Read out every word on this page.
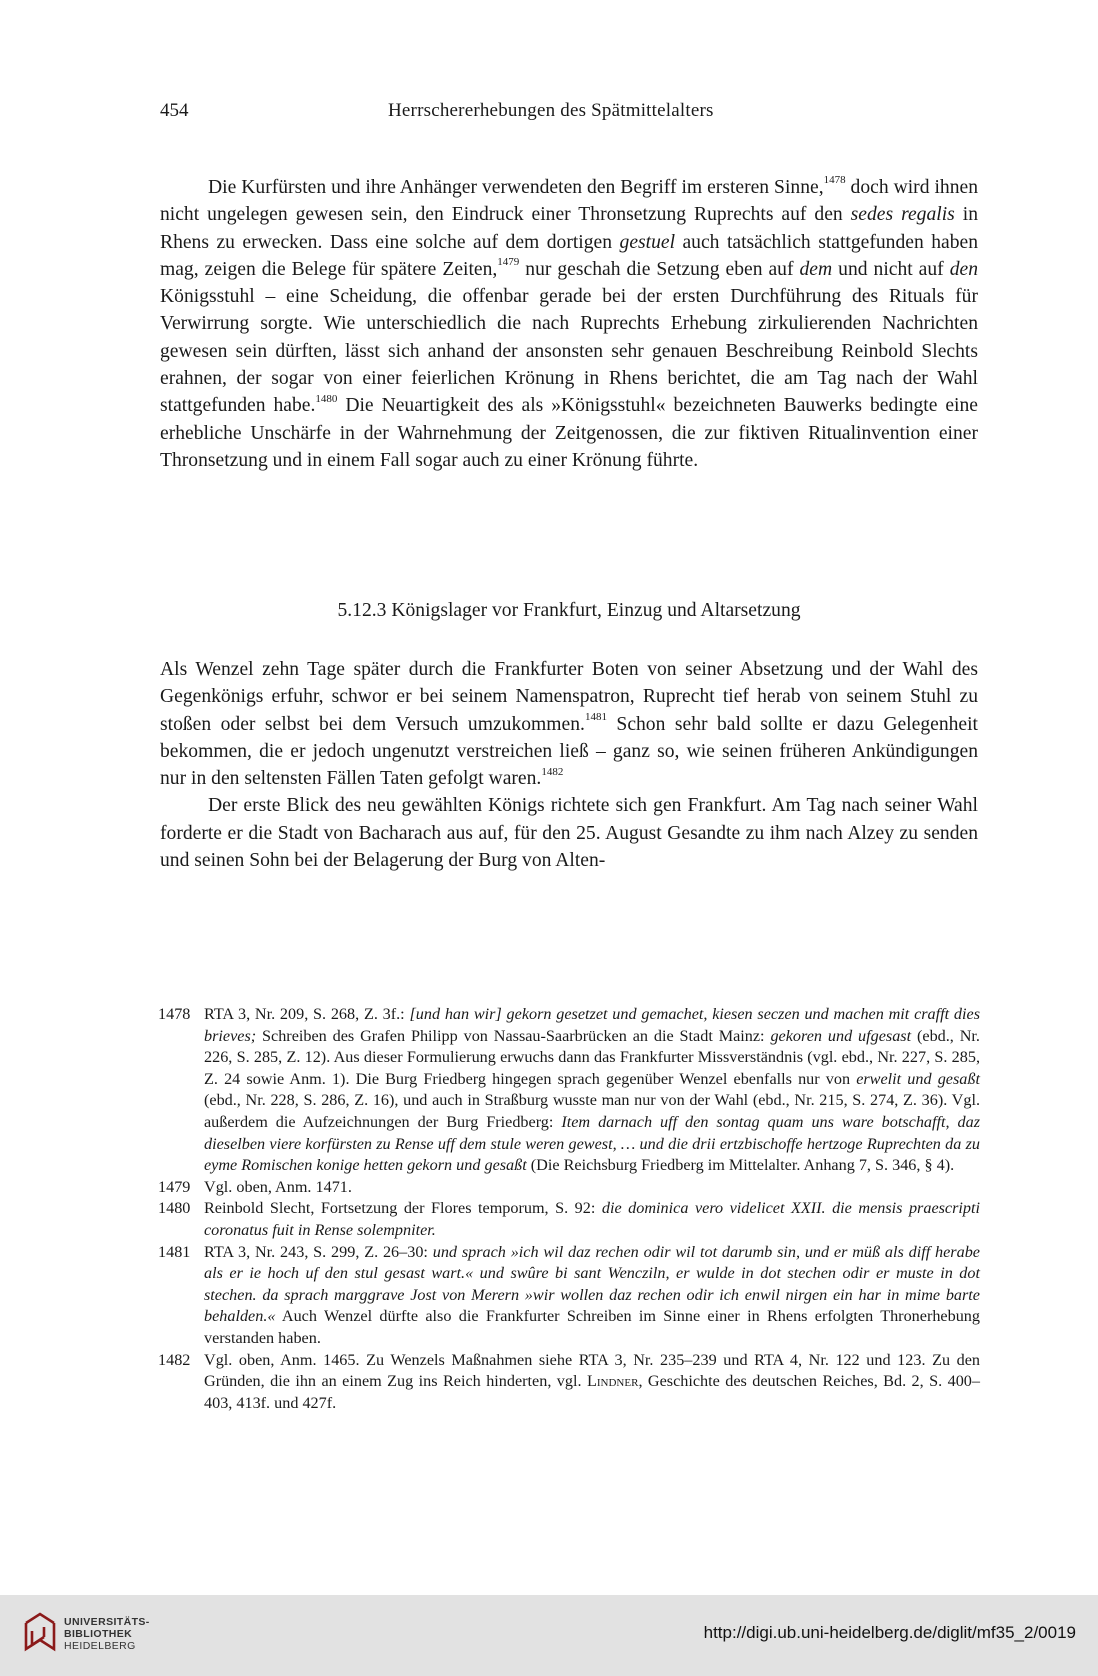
454	Herrschererhebungen des Spätmittelalters

Die Kurfürsten und ihre Anhänger verwendeten den Begriff im ersteren Sinne,$^{1478}$ doch wird ihnen nicht ungelegen gewesen sein, den Eindruck einer Thronsetzung Ruprechts auf den sedes regalis in Rhens zu erwecken. Dass eine solche auf dem dortigen gestuel auch tatsächlich stattgefunden haben mag, zeigen die Belege für spätere Zeiten,$^{1479}$ nur geschah die Setzung eben auf dem und nicht auf den Königsstuhl – eine Scheidung, die offenbar gerade bei der ersten Durchführung des Rituals für Verwirrung sorgte. Wie unterschiedlich die nach Ruprechts Erhebung zirkulierenden Nachrichten gewesen sein dürften, lässt sich anhand der ansonsten sehr genauen Beschreibung Reinbold Slechts erahnen, der sogar von einer feierlichen Krönung in Rhens berichtet, die am Tag nach der Wahl stattgefunden habe.$^{1480}$ Die Neuartigkeit des als »Königsstuhl« bezeichneten Bauwerks bedingte eine erhebliche Unschärfe in der Wahrnehmung der Zeitgenossen, die zur fiktiven Ritualinvention einer Thronsetzung und in einem Fall sogar auch zu einer Krönung führte.

5.12.3 Königslager vor Frankfurt, Einzug und Altarsetzung

Als Wenzel zehn Tage später durch die Frankfurter Boten von seiner Absetzung und der Wahl des Gegenkönigs erfuhr, schwor er bei seinem Namenspatron, Ruprecht tief herab von seinem Stuhl zu stoßen oder selbst bei dem Versuch umzukommen.$^{1481}$ Schon sehr bald sollte er dazu Gelegenheit bekommen, die er jedoch ungenutzt verstreichen ließ – ganz so, wie seinen früheren Ankündigungen nur in den seltensten Fällen Taten gefolgt waren.$^{1482}$

Der erste Blick des neu gewählten Königs richtete sich gen Frankfurt. Am Tag nach seiner Wahl forderte er die Stadt von Bacharach aus auf, für den 25. August Gesandte zu ihm nach Alzey zu senden und seinen Sohn bei der Belagerung der Burg von Alten-

1478 RTA 3, Nr. 209, S. 268, Z. 3f.: [und han wir] gekorn gesetzet und gemachet, kiesen seczen und machen mit crafft dies brieves; Schreiben des Grafen Philipp von Nassau-Saarbrücken an die Stadt Mainz: gekoren und ufgesast (ebd., Nr. 226, S. 285, Z. 12). Aus dieser Formulierung erwuchs dann das Frankfurter Missverständnis (vgl. ebd., Nr. 227, S. 285, Z. 24 sowie Anm. 1). Die Burg Friedberg hingegen sprach gegenüber Wenzel ebenfalls nur von erwelit und gesaßt (ebd., Nr. 228, S. 286, Z. 16), und auch in Straßburg wusste man nur von der Wahl (ebd., Nr. 215, S. 274, Z. 36). Vgl. außerdem die Aufzeichnungen der Burg Friedberg: Item darnach uff den sontag quam uns ware botschafft, daz dieselben viere korfürsten zu Rense uff dem stule weren gewest, … und die drii ertzbischoffe hertzoge Ruprechten da zu eyme Romischen konige hetten gekorn und gesaßt (Die Reichsburg Friedberg im Mittelalter. Anhang 7, S. 346, § 4).
1479 Vgl. oben, Anm. 1471.
1480 Reinbold Slecht, Fortsetzung der Flores temporum, S. 92: die dominica vero videlicet XXII. die mensis praescripti coronatus fuit in Rense solempniter.
1481 RTA 3, Nr. 243, S. 299, Z. 26–30: und sprach »ich wil daz rechen odir wil tot darumb sin, und er müß als diff herabe als er ie hoch uf den stul gesast wart.« und swûre bi sant Wenczilп, er wulde in dot stechen odir er muste in dot stechen. da sprach marggrave Jost von Merern »wir wollen daz rechen odir ich enwil nirgen ein har in mime barte behalden.« Auch Wenzel dürfte also die Frankfurter Schreiben im Sinne einer in Rhens erfolgten Thronerhebung verstanden haben.
1482 Vgl. oben, Anm. 1465. Zu Wenzels Maßnahmen siehe RTA 3, Nr. 235–239 und RTA 4, Nr. 122 und 123. Zu den Gründen, die ihn an einem Zug ins Reich hinderten, vgl. Lindner, Geschichte des deutschen Reiches, Bd. 2, S. 400–403, 413f. und 427f.
UNIVERSITÄTS-
BIBLIOTHEK
HEIDELBERG
http://digi.ub.uni-heidelberg.de/diglit/mf35_2/0019
